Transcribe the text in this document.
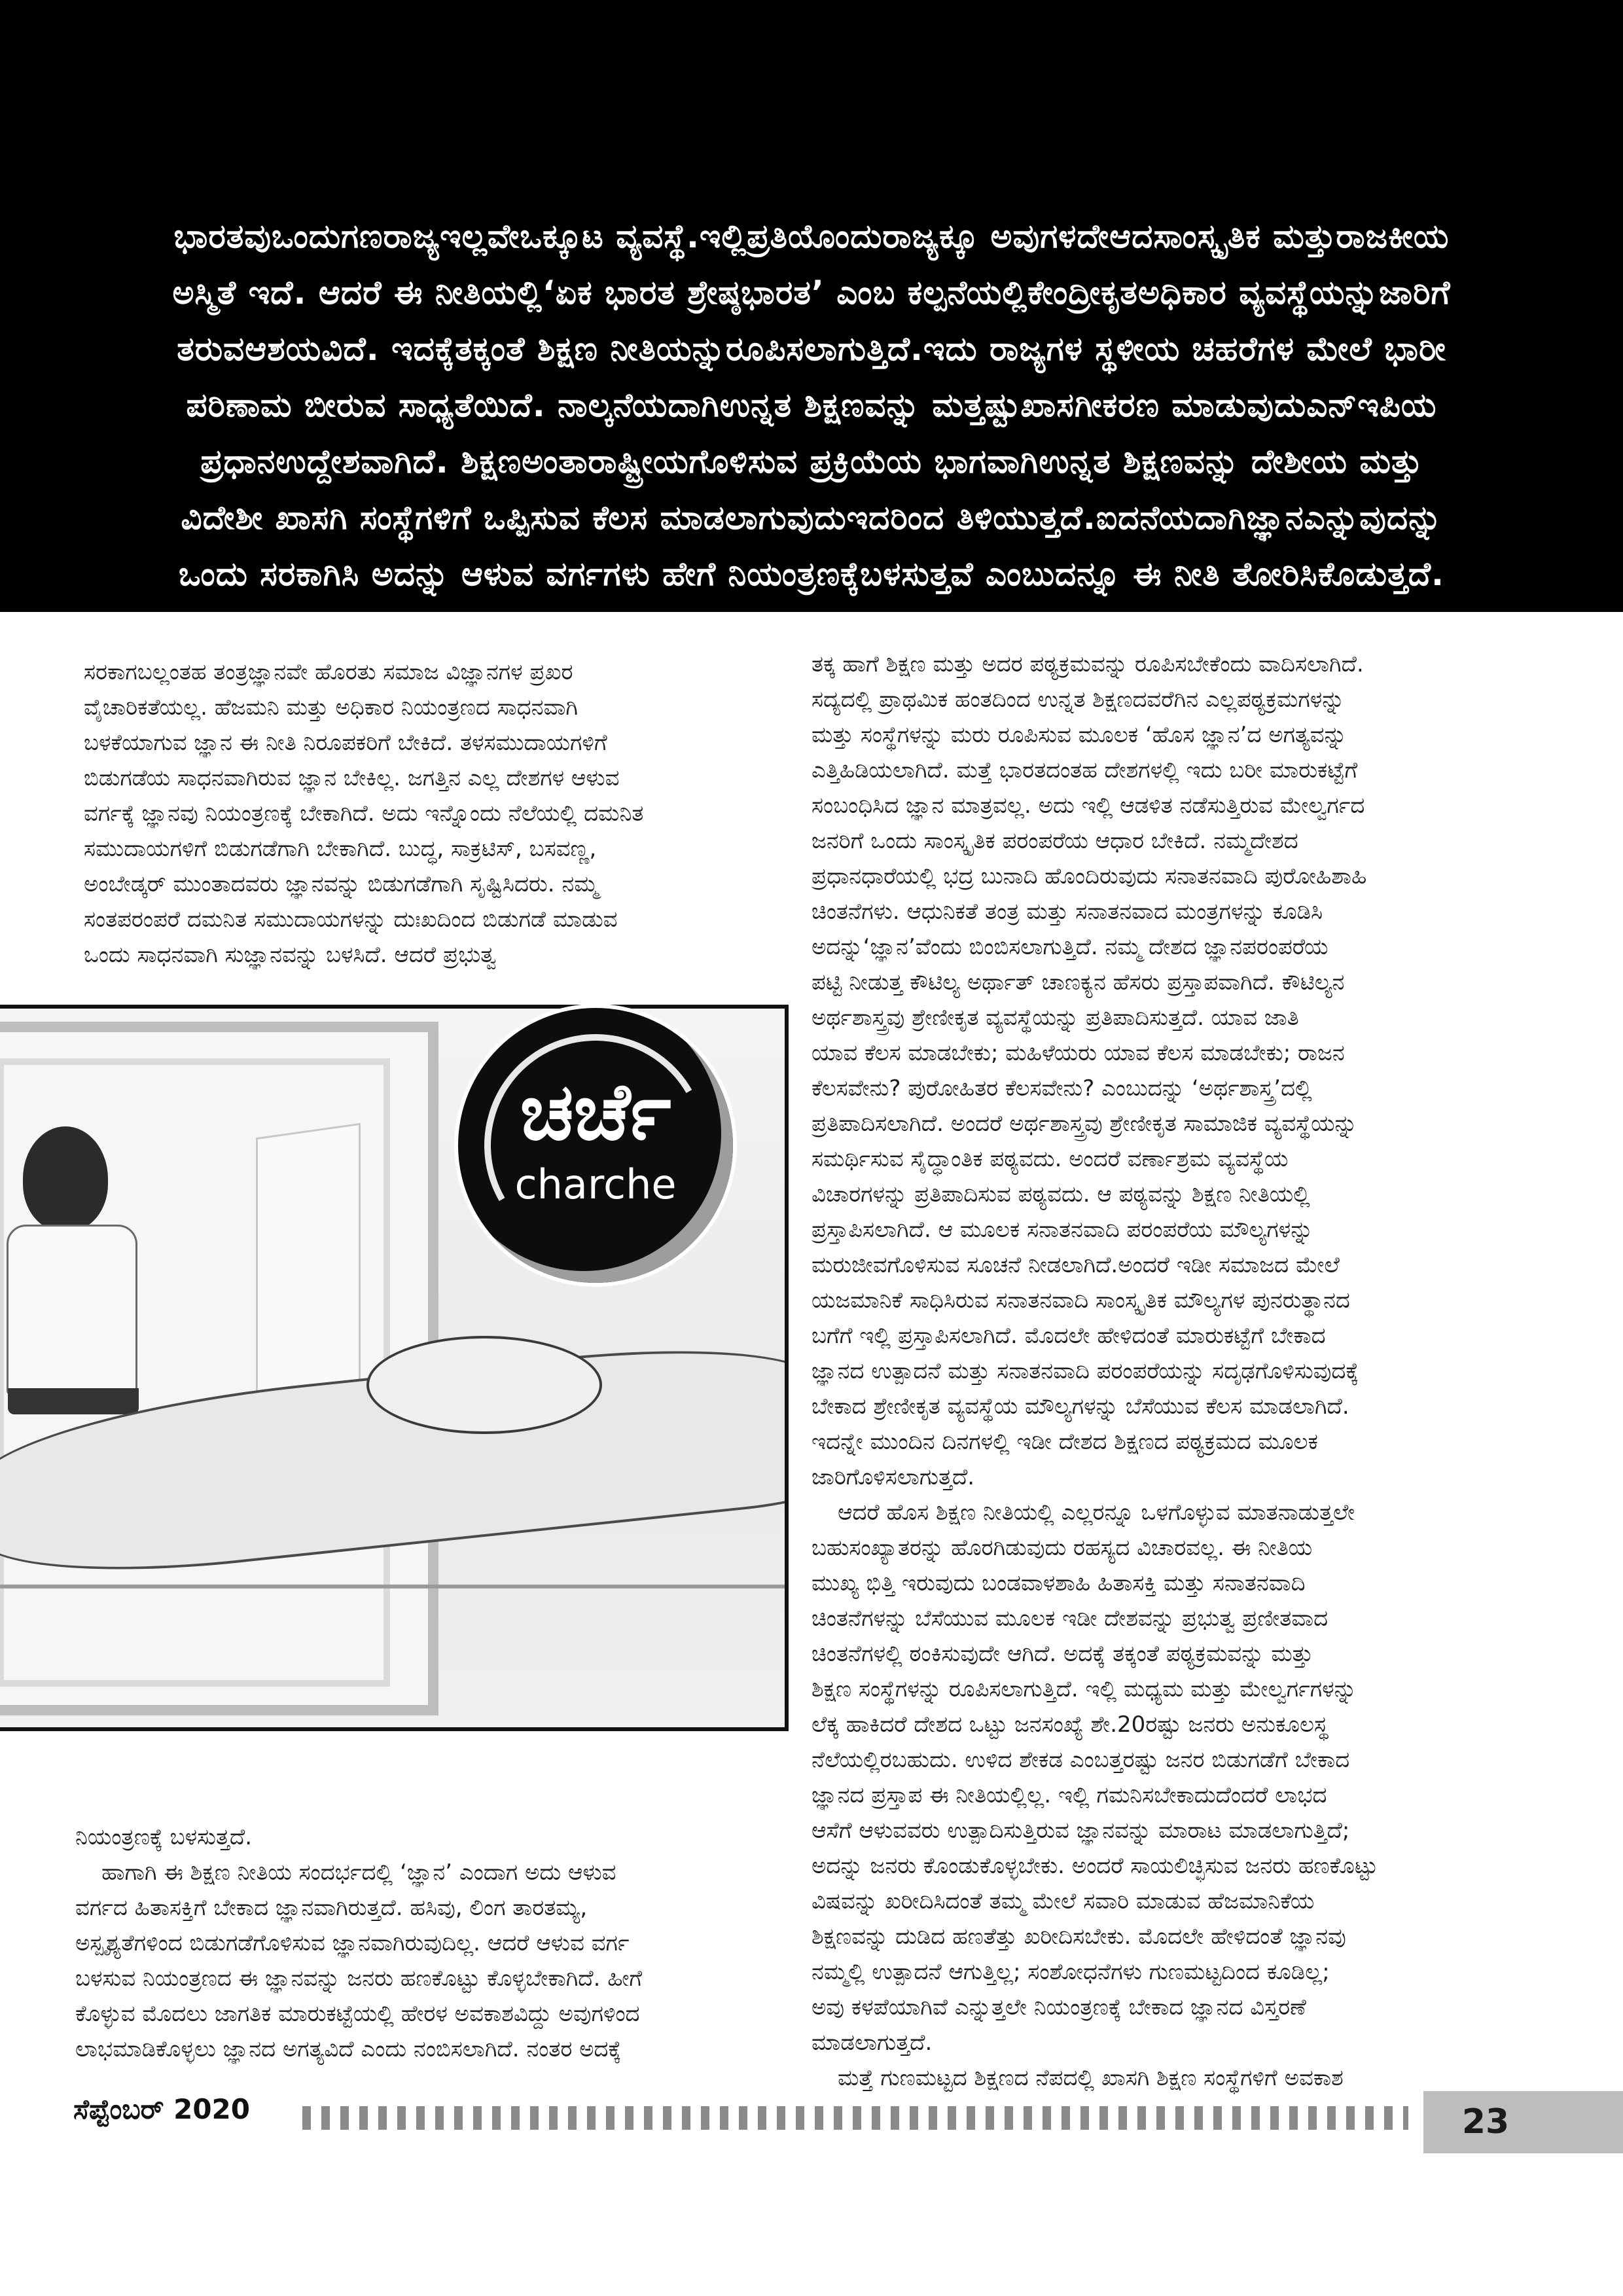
ಭಾರತವುಒಂದುಗಣರಾಜ್ಯಇಲ್ಲವೇಒಕ್ಕೂಟ ವ್ಯವಸ್ಥೆ.ಇಲ್ಲಿಪ್ರತಿಯೊಂದುರಾಜ್ಯಕ್ಕೂ ಅವುಗಳದೇಆದಸಾಂಸ್ಕೃತಿಕ ಮತ್ತುರಾಜಕೀಯ
ಅಸ್ಮಿತೆ ಇದೆ. ಆದರೆ ಈ ನೀತಿಯಲ್ಲಿ‘ಏಕ ಭಾರತ ಶ್ರೇಷ್ಠಭಾರತ’ ಎಂಬ ಕಲ್ಪನೆಯಲ್ಲಿಕೇಂದ್ರೀಕೃತಅಧಿಕಾರ ವ್ಯವಸ್ಥೆಯನ್ನುಜಾರಿಗೆ
ತರುವಆಶಯವಿದೆ. ಇದಕ್ಕೆತಕ್ಕಂತೆ ಶಿಕ್ಷಣ ನೀತಿಯನ್ನುರೂಪಿಸಲಾಗುತ್ತಿದೆ.ಇದು ರಾಜ್ಯಗಳ ಸ್ಥಳೀಯ ಚಹರೆಗಳ ಮೇಲೆ ಭಾರೀ
ಪರಿಣಾಮ ಬೀರುವ ಸಾಧ್ಯತೆಯಿದೆ. ನಾಲ್ಕನೆಯದಾಗಿಉನ್ನತ ಶಿಕ್ಷಣವನ್ನು ಮತ್ತಷ್ಟುಖಾಸಗೀಕರಣ ಮಾಡುವುದುಎನ್‌ಇಪಿಯ
ಪ್ರಧಾನಉದ್ದೇಶವಾಗಿದೆ. ಶಿಕ್ಷಣಅಂತಾರಾಷ್ಟ್ರೀಯಗೊಳಿಸುವ ಪ್ರಕ್ರಿಯೆಯ ಭಾಗವಾಗಿಉನ್ನತ ಶಿಕ್ಷಣವನ್ನು ದೇಶೀಯ ಮತ್ತು
ವಿದೇಶೀ ಖಾಸಗಿ ಸಂಸ್ಥೆಗಳಿಗೆ ಒಪ್ಪಿಸುವ ಕೆಲಸ ಮಾಡಲಾಗುವುದುಇದರಿಂದ ತಿಳಿಯುತ್ತದೆ.ಐದನೆಯದಾಗಿಜ್ಞಾನಎನ್ನುವುದನ್ನು
ಒಂದು ಸರಕಾಗಿಸಿ ಅದನ್ನು ಆಳುವ ವರ್ಗಗಳು ಹೇಗೆ ನಿಯಂತ್ರಣಕ್ಕೆಬಳಸುತ್ತವೆ ಎಂಬುದನ್ನೂ ಈ ನೀತಿ ತೋರಿಸಿಕೊಡುತ್ತದೆ.
ಪ್ರಸ್ತುತ ಬರೆಹದಲ್ಲಿ ಸಂಶೋಧನೆ ಮತ್ತುಜ್ಞಾನದ ಸಾಧ್ಯತೆ ಮತ್ತು ಸಮಸ್ಯೆಗಳ ಬಗೆಗೆ ಕೆಲವು ವಿಚಾರಗಳನ್ನು ಚರ್ಚಿಸಲಾಗಿದೆ.
ಸರಕಾಗಬಲ್ಲಂತಹ ತಂತ್ರಜ್ಞಾನವೇ ಹೊರತು ಸಮಾಜ ವಿಜ್ಞಾನಗಳ ಪ್ರಖರ
ವೈಚಾರಿಕತೆಯಲ್ಲ. ಹೆಜಮನಿ ಮತ್ತು ಅಧಿಕಾರ ನಿಯಂತ್ರಣದ ಸಾಧನವಾಗಿ
ಬಳಕೆಯಾಗುವ ಜ್ಞಾನ ಈ ನೀತಿ ನಿರೂಪಕರಿಗೆ ಬೇಕಿದೆ. ತಳಸಮುದಾಯಗಳಿಗೆ
ಬಿಡುಗಡೆಯ ಸಾಧನವಾಗಿರುವ ಜ್ಞಾನ ಬೇಕಿಲ್ಲ. ಜಗತ್ತಿನ ಎಲ್ಲ ದೇಶಗಳ ಆಳುವ
ವರ್ಗಕ್ಕೆ ಜ್ಞಾನವು ನಿಯಂತ್ರಣಕ್ಕೆ ಬೇಕಾಗಿದೆ. ಅದು ಇನ್ನೊಂದು ನೆಲೆಯಲ್ಲಿ ದಮನಿತ
ಸಮುದಾಯಗಳಿಗೆ ಬಿಡುಗಡೆಗಾಗಿ ಬೇಕಾಗಿದೆ. ಬುದ್ಧ, ಸಾಕ್ರಟಿಸ್, ಬಸವಣ್ಣ,
ಅಂಬೇಡ್ಕರ್ ಮುಂತಾದವರು ಜ್ಞಾನವನ್ನು ಬಿಡುಗಡೆಗಾಗಿ ಸೃಷ್ಟಿಸಿದರು. ನಮ್ಮ
ಸಂತಪರಂಪರೆ ದಮನಿತ ಸಮುದಾಯಗಳನ್ನು ದುಃಖದಿಂದ ಬಿಡುಗಡೆ ಮಾಡುವ
ಒಂದು ಸಾಧನವಾಗಿ ಸುಜ್ಞಾನವನ್ನು ಬಳಸಿದೆ. ಆದರೆ ಪ್ರಭುತ್ವ
ಚರ್ಚೆ
charche
ನಿಯಂತ್ರಣಕ್ಕೆ ಬಳಸುತ್ತದೆ.
ಹಾಗಾಗಿ ಈ ಶಿಕ್ಷಣ ನೀತಿಯ ಸಂದರ್ಭದಲ್ಲಿ ‘ಜ್ಞಾನ’ ಎಂದಾಗ ಅದು ಆಳುವ
ವರ್ಗದ ಹಿತಾಸಕ್ತಿಗೆ ಬೇಕಾದ ಜ್ಞಾನವಾಗಿರುತ್ತದೆ. ಹಸಿವು, ಲಿಂಗ ತಾರತಮ್ಯ,
ಅಸ್ಪೃಶ್ಯತೆಗಳಿಂದ ಬಿಡುಗಡೆಗೊಳಿಸುವ ಜ್ಞಾನವಾಗಿರುವುದಿಲ್ಲ. ಆದರೆ ಆಳುವ ವರ್ಗ
ಬಳಸುವ ನಿಯಂತ್ರಣದ ಈ ಜ್ಞಾನವನ್ನು ಜನರು ಹಣಕೊಟ್ಟು ಕೊಳ್ಳಬೇಕಾಗಿದೆ. ಹೀಗೆ
ಕೊಳ್ಳುವ ಮೊದಲು ಜಾಗತಿಕ ಮಾರುಕಟ್ಟೆಯಲ್ಲಿ ಹೇರಳ ಅವಕಾಶವಿದ್ದು ಅವುಗಳಿಂದ
ಲಾಭಮಾಡಿಕೊಳ್ಳಲು ಜ್ಞಾನದ ಅಗತ್ಯವಿದೆ ಎಂದು ನಂಬಿಸಲಾಗಿದೆ. ನಂತರ ಅದಕ್ಕೆ
ತಕ್ಕ ಹಾಗೆ ಶಿಕ್ಷಣ ಮತ್ತು ಅದರ ಪಠ್ಯಕ್ರಮವನ್ನು ರೂಪಿಸಬೇಕೆಂದು ವಾದಿಸಲಾಗಿದೆ.
ಸದ್ಯದಲ್ಲಿ ಪ್ರಾಥಮಿಕ ಹಂತದಿಂದ ಉನ್ನತ ಶಿಕ್ಷಣದವರೆಗಿನ ಎಲ್ಲಪಠ್ಯಕ್ರಮಗಳನ್ನು
ಮತ್ತು ಸಂಸ್ಥೆಗಳನ್ನು ಮರು ರೂಪಿಸುವ ಮೂಲಕ ‘ಹೊಸ ಜ್ಞಾನ’ದ ಅಗತ್ಯವನ್ನು
ಎತ್ತಿಹಿಡಿಯಲಾಗಿದೆ. ಮತ್ತೆ ಭಾರತದಂತಹ ದೇಶಗಳಲ್ಲಿ ಇದು ಬರೀ ಮಾರುಕಟ್ಟೆಗೆ
ಸಂಬಂಧಿಸಿದ ಜ್ಞಾನ ಮಾತ್ರವಲ್ಲ. ಅದು ಇಲ್ಲಿ ಆಡಳಿತ ನಡೆಸುತ್ತಿರುವ ಮೇಲ್ವರ್ಗದ
ಜನರಿಗೆ ಒಂದು ಸಾಂಸ್ಕೃತಿಕ ಪರಂಪರೆಯ ಆಧಾರ ಬೇಕಿದೆ. ನಮ್ಮದೇಶದ
ಪ್ರಧಾನಧಾರೆಯಲ್ಲಿ ಭದ್ರ ಬುನಾದಿ ಹೊಂದಿರುವುದು ಸನಾತನವಾದಿ ಪುರೋಹಿಶಾಹಿ
ಚಿಂತನೆಗಳು. ಆಧುನಿಕತೆ ತಂತ್ರ ಮತ್ತು ಸನಾತನವಾದ ಮಂತ್ರಗಳನ್ನು ಕೂಡಿಸಿ
ಅದನ್ನು‘ಜ್ಞಾನ’ವೆಂದು ಬಿಂಬಿಸಲಾಗುತ್ತಿದೆ. ನಮ್ಮ ದೇಶದ ಜ್ಞಾನಪರಂಪರೆಯ
ಪಟ್ಟಿ ನೀಡುತ್ತ ಕೌಟಿಲ್ಯ ಅರ್ಥಾತ್ ಚಾಣಕ್ಯನ ಹೆಸರು ಪ್ರಸ್ತಾಪವಾಗಿದೆ. ಕೌಟಿಲ್ಯನ
ಅರ್ಥಶಾಸ್ತ್ರವು ಶ್ರೇಣೀಕೃತ ವ್ಯವಸ್ಥೆಯನ್ನು ಪ್ರತಿಪಾದಿಸುತ್ತದೆ. ಯಾವ ಜಾತಿ
ಯಾವ ಕೆಲಸ ಮಾಡಬೇಕು; ಮಹಿಳೆಯರು ಯಾವ ಕೆಲಸ ಮಾಡಬೇಕು; ರಾಜನ
ಕೆಲಸವೇನು? ಪುರೋಹಿತರ ಕೆಲಸವೇನು? ಎಂಬುದನ್ನು ‘ಅರ್ಥಶಾಸ್ತ್ರ’ದಲ್ಲಿ
ಪ್ರತಿಪಾದಿಸಲಾಗಿದೆ. ಅಂದರೆ ಅರ್ಥಶಾಸ್ತ್ರವು ಶ್ರೇಣೀಕೃತ ಸಾಮಾಜಿಕ ವ್ಯವಸ್ಥೆಯನ್ನು
ಸಮರ್ಥಿಸುವ ಸೈದ್ಧಾಂತಿಕ ಪಠ್ಯವದು. ಅಂದರೆ ವರ್ಣಾಶ್ರಮ ವ್ಯವಸ್ಥೆಯ
ವಿಚಾರಗಳನ್ನು ಪ್ರತಿಪಾದಿಸುವ ಪಠ್ಯವದು. ಆ ಪಠ್ಯವನ್ನು ಶಿಕ್ಷಣ ನೀತಿಯಲ್ಲಿ
ಪ್ರಸ್ತಾಪಿಸಲಾಗಿದೆ. ಆ ಮೂಲಕ ಸನಾತನವಾದಿ ಪರಂಪರೆಯ ಮೌಲ್ಯಗಳನ್ನು
ಮರುಜೀವಗೊಳಿಸುವ ಸೂಚನೆ ನೀಡಲಾಗಿದೆ.ಅಂದರೆ ಇಡೀ ಸಮಾಜದ ಮೇಲೆ
ಯಜಮಾನಿಕೆ ಸಾಧಿಸಿರುವ ಸನಾತನವಾದಿ ಸಾಂಸ್ಕೃತಿಕ ಮೌಲ್ಯಗಳ ಪುನರುತ್ಥಾನದ
ಬಗೆಗೆ ಇಲ್ಲಿ ಪ್ರಸ್ತಾಪಿಸಲಾಗಿದೆ. ಮೊದಲೇ ಹೇಳಿದಂತೆ ಮಾರುಕಟ್ಟೆಗೆ ಬೇಕಾದ
ಜ್ಞಾನದ ಉತ್ಪಾದನೆ ಮತ್ತು ಸನಾತನವಾದಿ ಪರಂಪರೆಯನ್ನು ಸದೃಢಗೊಳಿಸುವುದಕ್ಕೆ
ಬೇಕಾದ ಶ್ರೇಣೀಕೃತ ವ್ಯವಸ್ಥೆಯ ಮೌಲ್ಯಗಳನ್ನು ಬೆಸೆಯುವ ಕೆಲಸ ಮಾಡಲಾಗಿದೆ.
ಇದನ್ನೇ ಮುಂದಿನ ದಿನಗಳಲ್ಲಿ ಇಡೀ ದೇಶದ ಶಿಕ್ಷಣದ ಪಠ್ಯಕ್ರಮದ ಮೂಲಕ
ಜಾರಿಗೊಳಿಸಲಾಗುತ್ತದೆ.
ಆದರೆ ಹೊಸ ಶಿಕ್ಷಣ ನೀತಿಯಲ್ಲಿ ಎಲ್ಲರನ್ನೂ ಒಳಗೊಳ್ಳುವ ಮಾತನಾಡುತ್ತಲೇ
ಬಹುಸಂಖ್ಯಾತರನ್ನು ಹೊರಗಿಡುವುದು ರಹಸ್ಯದ ವಿಚಾರವಲ್ಲ. ಈ ನೀತಿಯ
ಮುಖ್ಯ ಭಿತ್ತಿ ಇರುವುದು ಬಂಡವಾಳಶಾಹಿ ಹಿತಾಸಕ್ತಿ ಮತ್ತು ಸನಾತನವಾದಿ
ಚಿಂತನೆಗಳನ್ನು ಬೆಸೆಯುವ ಮೂಲಕ ಇಡೀ ದೇಶವನ್ನು ಪ್ರಭುತ್ವ ಪ್ರಣೀತವಾದ
ಚಿಂತನೆಗಳಲ್ಲಿ ಠಂಕಿಸುವುದೇ ಆಗಿದೆ. ಅದಕ್ಕೆ ತಕ್ಕಂತೆ ಪಠ್ಯಕ್ರಮವನ್ನು ಮತ್ತು
ಶಿಕ್ಷಣ ಸಂಸ್ಥೆಗಳನ್ನು ರೂಪಿಸಲಾಗುತ್ತಿದೆ. ಇಲ್ಲಿ ಮಧ್ಯಮ ಮತ್ತು ಮೇಲ್ವರ್ಗಗಳನ್ನು
ಲೆಕ್ಕ ಹಾಕಿದರೆ ದೇಶದ ಒಟ್ಟು ಜನಸಂಖ್ಯೆ ಶೇ.20ರಷ್ಟು ಜನರು ಅನುಕೂಲಸ್ಥ
ನೆಲೆಯಲ್ಲಿರಬಹುದು. ಉಳಿದ ಶೇಕಡ ಎಂಬತ್ತರಷ್ಟು ಜನರ ಬಿಡುಗಡೆಗೆ ಬೇಕಾದ
ಜ್ಞಾನದ ಪ್ರಸ್ತಾಪ ಈ ನೀತಿಯಲ್ಲಿಲ್ಲ. ಇಲ್ಲಿ ಗಮನಿಸಬೇಕಾದುದೆಂದರೆ ಲಾಭದ
ಆಸೆಗೆ ಆಳುವವರು ಉತ್ಪಾದಿಸುತ್ತಿರುವ ಜ್ಞಾನವನ್ನು ಮಾರಾಟ ಮಾಡಲಾಗುತ್ತಿದೆ;
ಅದನ್ನು ಜನರು ಕೊಂಡುಕೊಳ್ಳಬೇಕು. ಅಂದರೆ ಸಾಯಲಿಚ್ಛಿಸುವ ಜನರು ಹಣಕೊಟ್ಟು
ವಿಷವನ್ನು ಖರೀದಿಸಿದಂತೆ ತಮ್ಮ ಮೇಲೆ ಸವಾರಿ ಮಾಡುವ ಹೆಜಮಾನಿಕೆಯ
ಶಿಕ್ಷಣವನ್ನು ದುಡಿದ ಹಣತೆತ್ತು ಖರೀದಿಸಬೇಕು. ಮೊದಲೇ ಹೇಳಿದಂತೆ ಜ್ಞಾನವು
ನಮ್ಮಲ್ಲಿ ಉತ್ಪಾದನೆ ಆಗುತ್ತಿಲ್ಲ; ಸಂಶೋಧನೆಗಳು ಗುಣಮಟ್ಟದಿಂದ ಕೂಡಿಲ್ಲ;
ಅವು ಕಳಪೆಯಾಗಿವೆ ಎನ್ನುತ್ತಲೇ ನಿಯಂತ್ರಣಕ್ಕೆ ಬೇಕಾದ ಜ್ಞಾನದ ವಿಸ್ತರಣೆ
ಮಾಡಲಾಗುತ್ತದೆ.
ಮತ್ತೆ ಗುಣಮಟ್ಟದ ಶಿಕ್ಷಣದ ನೆಪದಲ್ಲಿ ಖಾಸಗಿ ಶಿಕ್ಷಣ ಸಂಸ್ಥೆಗಳಿಗೆ ಅವಕಾಶ
ಸೆಪ್ಟೆಂಬರ್ 2020	23
